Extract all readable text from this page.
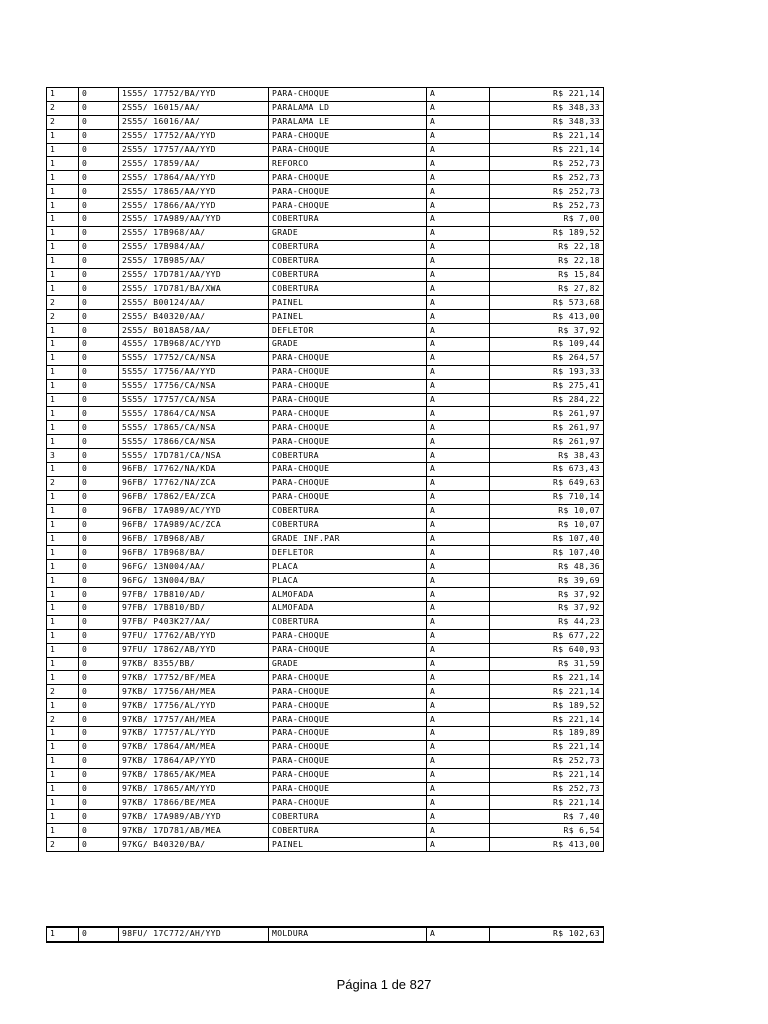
1	0	1S55/ 17752/BA/YYD	PARA-CHOQUE	A	R$ 221,14
2	0	2S55/ 16015/AA/	PARALAMA LD	A	R$ 348,33
2	0	2S55/ 16016/AA/	PARALAMA LE	A	R$ 348,33
1	0	2S55/ 17752/AA/YYD	PARA-CHOQUE	A	R$ 221,14
1	0	2S55/ 17757/AA/YYD	PARA-CHOQUE	A	R$ 221,14
1	0	2S55/ 17859/AA/	REFORCO	A	R$ 252,73
1	0	2S55/ 17864/AA/YYD	PARA-CHOQUE	A	R$ 252,73
1	0	2S55/ 17865/AA/YYD	PARA-CHOQUE	A	R$ 252,73
1	0	2S55/ 17866/AA/YYD	PARA-CHOQUE	A	R$ 252,73
1	0	2S55/ 17A989/AA/YYD	COBERTURA	A	R$ 7,00
1	0	2S55/ 17B968/AA/	GRADE	A	R$ 189,52
1	0	2S55/ 17B984/AA/	COBERTURA	A	R$ 22,18
1	0	2S55/ 17B985/AA/	COBERTURA	A	R$ 22,18
1	0	2S55/ 17D781/AA/YYD	COBERTURA	A	R$ 15,84
1	0	2S55/ 17D781/BA/XWA	COBERTURA	A	R$ 27,82
2	0	2S55/ B00124/AA/	PAINEL	A	R$ 573,68
2	0	2S55/ B40320/AA/	PAINEL	A	R$ 413,00
1	0	2S55/ B018A58/AA/	DEFLETOR	A	R$ 37,92
1	0	4S55/ 17B968/AC/YYD	GRADE	A	R$ 109,44
1	0	5S55/ 17752/CA/NSA	PARA-CHOQUE	A	R$ 264,57
1	0	5S55/ 17756/AA/YYD	PARA-CHOQUE	A	R$ 193,33
1	0	5S55/ 17756/CA/NSA	PARA-CHOQUE	A	R$ 275,41
1	0	5S55/ 17757/CA/NSA	PARA-CHOQUE	A	R$ 284,22
1	0	5S55/ 17864/CA/NSA	PARA-CHOQUE	A	R$ 261,97
1	0	5S55/ 17865/CA/NSA	PARA-CHOQUE	A	R$ 261,97
1	0	5S55/ 17866/CA/NSA	PARA-CHOQUE	A	R$ 261,97
3	0	5S55/ 17D781/CA/NSA	COBERTURA	A	R$ 38,43
1	0	96FB/ 17762/NA/KDA	PARA-CHOQUE	A	R$ 673,43
2	0	96FB/ 17762/NA/ZCA	PARA-CHOQUE	A	R$ 649,63
1	0	96FB/ 17862/EA/ZCA	PARA-CHOQUE	A	R$ 710,14
1	0	96FB/ 17A989/AC/YYD	COBERTURA	A	R$ 10,07
1	0	96FB/ 17A989/AC/ZCA	COBERTURA	A	R$ 10,07
1	0	96FB/ 17B968/AB/	GRADE INF.PAR	A	R$ 107,40
1	0	96FB/ 17B968/BA/	DEFLETOR	A	R$ 107,40
1	0	96FG/ 13N004/AA/	PLACA	A	R$ 48,36
1	0	96FG/ 13N004/BA/	PLACA	A	R$ 39,69
1	0	97FB/ 17B810/AD/	ALMOFADA	A	R$ 37,92
1	0	97FB/ 17B810/BD/	ALMOFADA	A	R$ 37,92
1	0	97FB/ P403K27/AA/	COBERTURA	A	R$ 44,23
1	0	97FU/ 17762/AB/YYD	PARA-CHOQUE	A	R$ 677,22
1	0	97FU/ 17862/AB/YYD	PARA-CHOQUE	A	R$ 640,93
1	0	97KB/ 8355/BB/	GRADE	A	R$ 31,59
1	0	97KB/ 17752/BF/MEA	PARA-CHOQUE	A	R$ 221,14
2	0	97KB/ 17756/AH/MEA	PARA-CHOQUE	A	R$ 221,14
1	0	97KB/ 17756/AL/YYD	PARA-CHOQUE	A	R$ 189,52
2	0	97KB/ 17757/AH/MEA	PARA-CHOQUE	A	R$ 221,14
1	0	97KB/ 17757/AL/YYD	PARA-CHOQUE	A	R$ 189,89
1	0	97KB/ 17864/AM/MEA	PARA-CHOQUE	A	R$ 221,14
1	0	97KB/ 17864/AP/YYD	PARA-CHOQUE	A	R$ 252,73
1	0	97KB/ 17865/AK/MEA	PARA-CHOQUE	A	R$ 221,14
1	0	97KB/ 17865/AM/YYD	PARA-CHOQUE	A	R$ 252,73
1	0	97KB/ 17866/BE/MEA	PARA-CHOQUE	A	R$ 221,14
1	0	97KB/ 17A989/AB/YYD	COBERTURA	A	R$ 7,40
1	0	97KB/ 17D781/AB/MEA	COBERTURA	A	R$ 6,54
2	0	97KG/ B40320/BA/	PAINEL	A	R$ 413,00
1	0	98FU/ 17C772/AH/YYD	MOLDURA	A	R$ 102,63
Página 1 de 827
